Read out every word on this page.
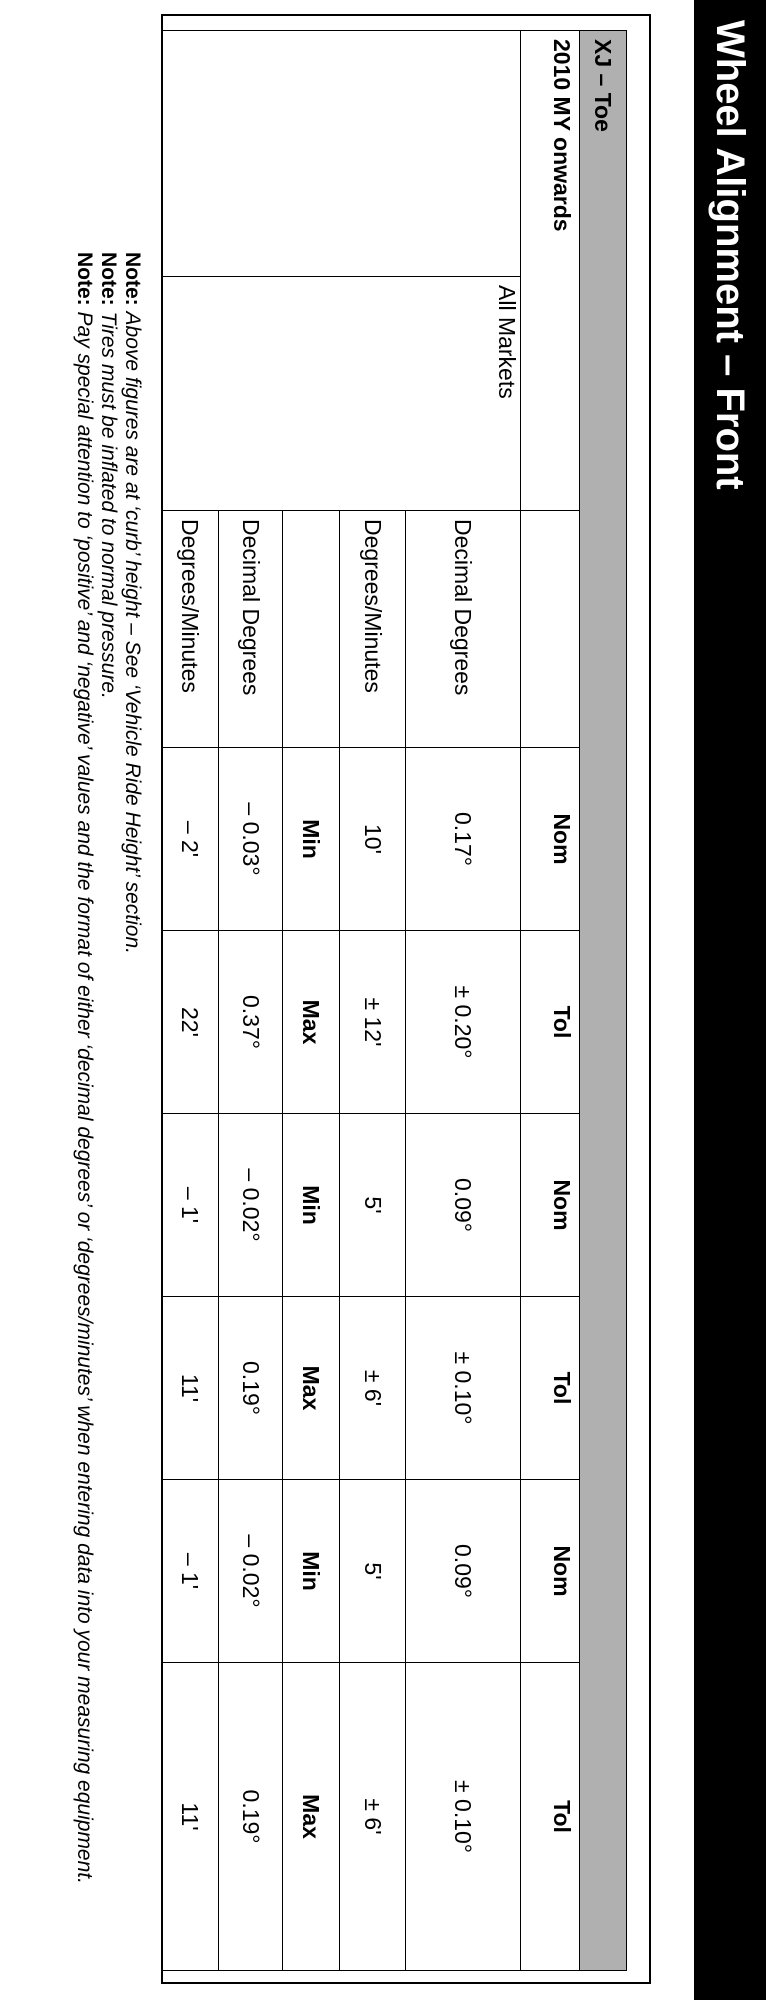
Wheel Alignment – Front
XJ – Toe								
2010 MY onwards			Nom	Tol	Nom	Tol	Nom	Tol
	All Markets	Decimal Degrees	0.17°	± 0.20°	0.09°	± 0.10°	0.09°	± 0.10°
		Degrees/Minutes	10'	± 12'	5'	± 6'	5'	± 6'
			Min	Max	Min	Max	Min	Max
		Decimal Degrees	– 0.03°	0.37°	– 0.02°	0.19°	– 0.02°	0.19°
		Degrees/Minutes	– 2'	22'	– 1'	11'	– 1'	11'

Note: Above figures are at ‘curb’ height – See ‘Vehicle Ride Height’ section.

Note: Tires must be inflated to normal pressure.

Note: Pay special attention to ‘positive’ and ‘negative’ values and the format of either ‘decimal degrees’ or ‘degrees/minutes’ when entering data into your measuring equipment.
